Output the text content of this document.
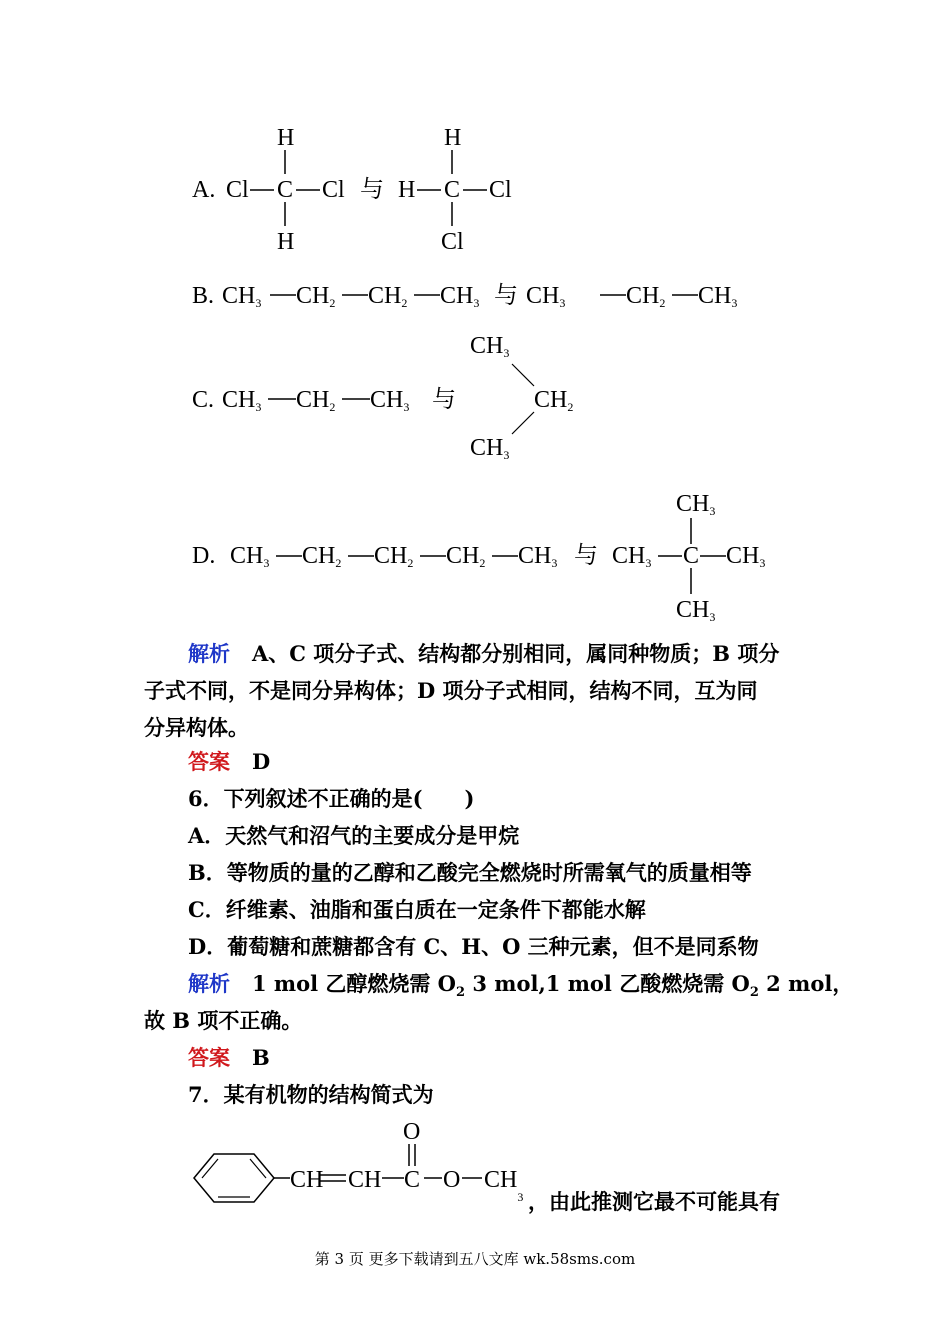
A. Cl C Cl
H
H
与 H C Cl
H
Cl
B. $CH_3$ $CH_2$ $CH_2$ $CH_3$ 与 $CH_3$	$CH_2$ $CH_3$
C. $CH_3$ $CH_2$ $CH_3$ 与
$CH_3$
$CH_2$
$CH_3$
D. $CH_3$ $CH_2$ $CH_2$ $CH_2$ $CH_3$ 与 $CH_3$ C $CH_3$
$CH_3$
$CH_3$
解析 A、C 项分子式、结构都分别相同，属同种物质；B 项分
子式不同，不是同分异构体；D 项分子式相同，结构不同，互为同
分异构体。
答案 D
6．下列叙述不正确的是(　　)
A．天然气和沼气的主要成分是甲烷
B．等物质的量的乙醇和乙酸完全燃烧时所需氧气的质量相等
C．纤维素、油脂和蛋白质在一定条件下都能水解
D．葡萄糖和蔗糖都含有 C、H、O 三种元素，但不是同系物
解析 1 mol 乙醇燃烧需 $O_2$ 3 mol,1 mol 乙酸燃烧需 $O_2$ 2 mol，
故 B 项不正确。
答案 B
7．某有机物的结构简式为
CH CH C
O
O $CH_3$ ，由此推测它最不可能具有
第 3 页 更多下载请到五八文库 wk.58sms.com
